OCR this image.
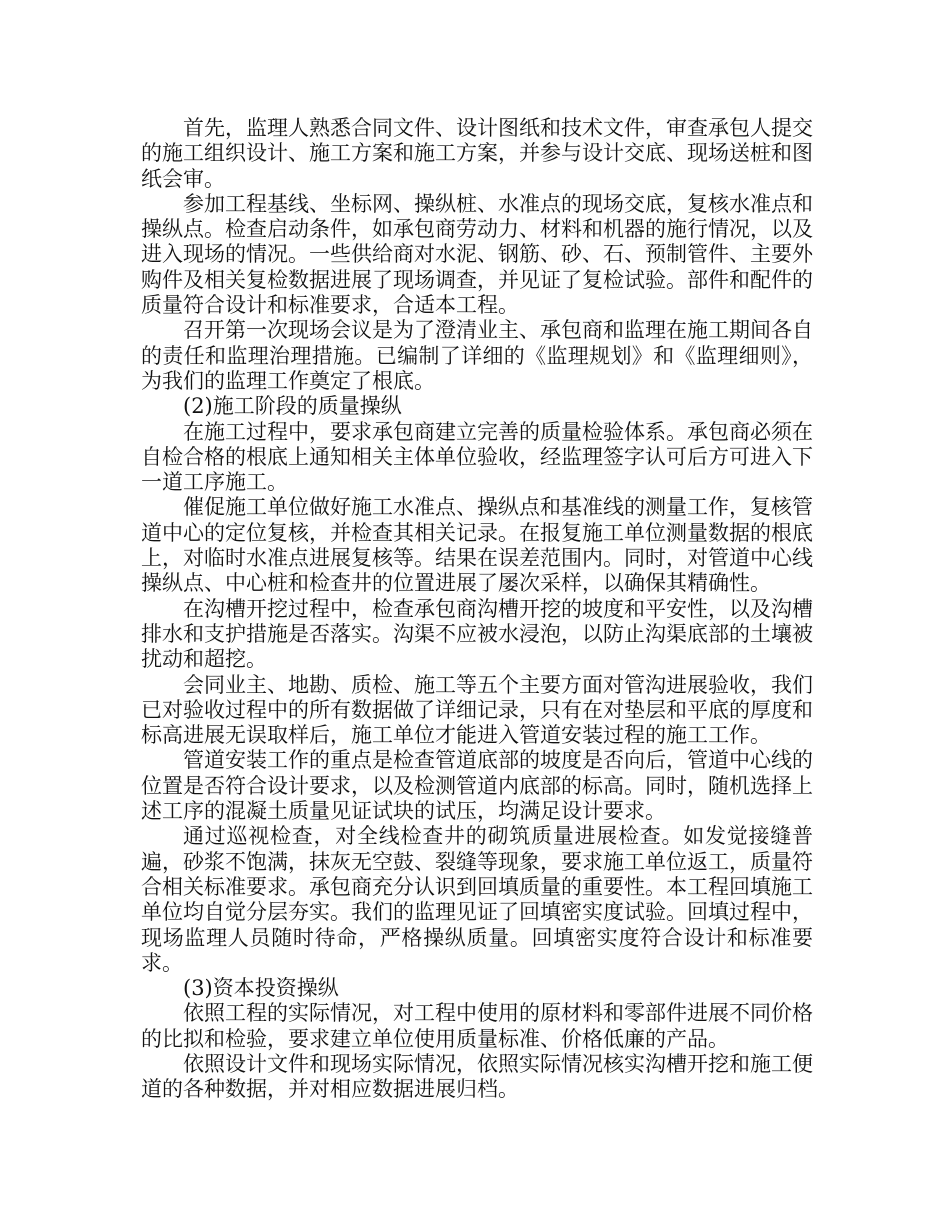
首先，监理人熟悉合同文件、设计图纸和技术文件，审查承包人提交的施工组织设计、施工方案和施工方案，并参与设计交底、现场送桩和图纸会审。

参加工程基线、坐标网、操纵桩、水准点的现场交底，复核水准点和操纵点。检查启动条件，如承包商劳动力、材料和机器的施行情况，以及进入现场的情况。一些供给商对水泥、钢筋、砂、石、预制管件、主要外购件及相关复检数据进展了现场调查，并见证了复检试验。部件和配件的质量符合设计和标准要求，合适本工程。

召开第一次现场会议是为了澄清业主、承包商和监理在施工期间各自的责任和监理治理措施。已编制了详细的《监理规划》和《监理细则》，为我们的监理工作奠定了根底。

(2)施工阶段的质量操纵

在施工过程中，要求承包商建立完善的质量检验体系。承包商必须在自检合格的根底上通知相关主体单位验收，经监理签字认可后方可进入下一道工序施工。

催促施工单位做好施工水准点、操纵点和基准线的测量工作，复核管道中心的定位复核，并检查其相关记录。在报复施工单位测量数据的根底上，对临时水准点进展复核等。结果在误差范围内。同时，对管道中心线操纵点、中心桩和检查井的位置进展了屡次采样，以确保其精确性。

在沟槽开挖过程中，检查承包商沟槽开挖的坡度和平安性，以及沟槽排水和支护措施是否落实。沟渠不应被水浸泡，以防止沟渠底部的土壤被扰动和超挖。

会同业主、地勘、质检、施工等五个主要方面对管沟进展验收，我们已对验收过程中的所有数据做了详细记录，只有在对垫层和平底的厚度和标高进展无误取样后，施工单位才能进入管道安装过程的施工工作。

管道安装工作的重点是检查管道底部的坡度是否向后，管道中心线的位置是否符合设计要求，以及检测管道内底部的标高。同时，随机选择上述工序的混凝土质量见证试块的试压，均满足设计要求。

通过巡视检查，对全线检查井的砌筑质量进展检查。如发觉接缝普遍，砂浆不饱满，抹灰无空鼓、裂缝等现象，要求施工单位返工，质量符合相关标准要求。承包商充分认识到回填质量的重要性。本工程回填施工单位均自觉分层夯实。我们的监理见证了回填密实度试验。回填过程中，现场监理人员随时待命，严格操纵质量。回填密实度符合设计和标准要求。

(3)资本投资操纵

依照工程的实际情况，对工程中使用的原材料和零部件进展不同价格的比拟和检验，要求建立单位使用质量标准、价格低廉的产品。

依照设计文件和现场实际情况，依照实际情况核实沟槽开挖和施工便道的各种数据，并对相应数据进展归档。
